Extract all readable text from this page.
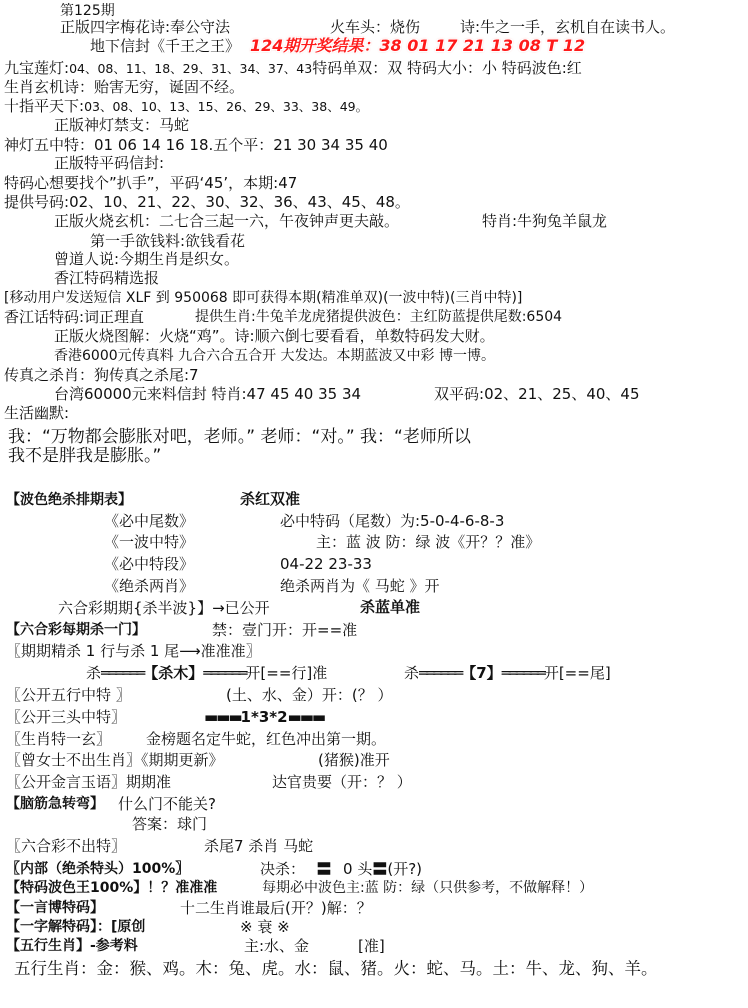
第125期
正版四字梅花诗:奉公守法	火车头：烧伤	诗:牛之一手，玄机自在读书人。
地下信封《千王之王》 124期开奖结果：38 01 17 21 13 08 T 12
九宝莲灯:04、08、11、18、29、31、34、37、43特码单双：双 特码大小：小 特码波色:红
生肖玄机诗：贻害无穷，诞固不经。
十指平天下:03、08、10、13、15、26、29、33、38、49。
正版神灯禁支：马蛇
神灯五中特：01 06 14 16 18.五个平：21 30 34 35 40
正版特平码信封:
特码心想要找个”扒手”，平码‘45’，本期:47
提供号码:02、10、21、22、30、32、36、43、45、48。
正版火烧玄机：二七合三起一六，午夜钟声更夫敲。	特肖:牛狗兔羊鼠龙
第一手欲钱料:欲钱看花
曾道人说:今期生肖是织女。
香江特码精选报
[移动用户发送短信 XLF 到 950068 即可获得本期(精准单双)(一波中特)(三肖中特)]
香江话特码:词正理直	提供生肖:牛兔羊龙虎猪提供波色：主红防蓝提供尾数:6504
正版火烧图解：火烧“鸡”。诗:顺六倒七要看看，单数特码发大财。
香港6000元传真料 九合六合五合开 大发达。本期蓝波又中彩 博一博。
传真之杀肖：狗传真之杀尾:7
台湾60000元来料信封 特肖:47 45 40 35 34	双平码:02、21、25、40、45
生活幽默:
我：“万物都会膨胀对吧，老师。” 老师：“对。” 我：“老师所以
我不是胖我是膨胀。”
【波色绝杀排期表】	杀红双准
《必中尾数》	必中特码（尾数）为:5-0-4-6-8-3
《一波中特》	主：蓝 波 防：绿 波《开？？准》
《必中特段》	04-22 23-33
《绝杀两肖》	绝杀两肖为《 马蛇 》开
六合彩期期{杀半波}】→已公开	杀蓝单准
【六合彩每期杀一门】	禁：壹门开：开==准
〖期期精杀 1 行与杀 1 尾⟶准准准〗
杀══════【杀木】══════开[==行]准	杀══════【7】══════开[==尾]
〖公开五行中特 〗	(土、水、金）开：(？ ）
〖公开三头中特〗	▬▬▬1*3*2▬▬▬
〖生肖特一玄〗 金榜题名定牛蛇，红色冲出第一期。
〖曾女士不出生肖〗《期期更新》	(猪猴)准开
〖公开金言玉语〗期期准	达官贵要（开：？ ）
【脑筋急转弯】 什么门不能关?
答案：球门
〖六合彩不出特〗	杀尾7 杀肖 马蛇
〖内部（绝杀特头）100%〗	决杀： 〓 0 头〓(开?)
【特码波色王100%】！？准准准	每期必中波色主:蓝 防：绿（只供参考，不做解释！）
【一言博特码】	十二生肖谁最后(开？)解：？
【一字解特码】：[原创	※ 衰 ※
【五行生肖】-参考料	主:水、金	[准]
五行生肖：金：猴、鸡。木：兔、虎。水：鼠、猪。火：蛇、马。土：牛、龙、狗、羊。
